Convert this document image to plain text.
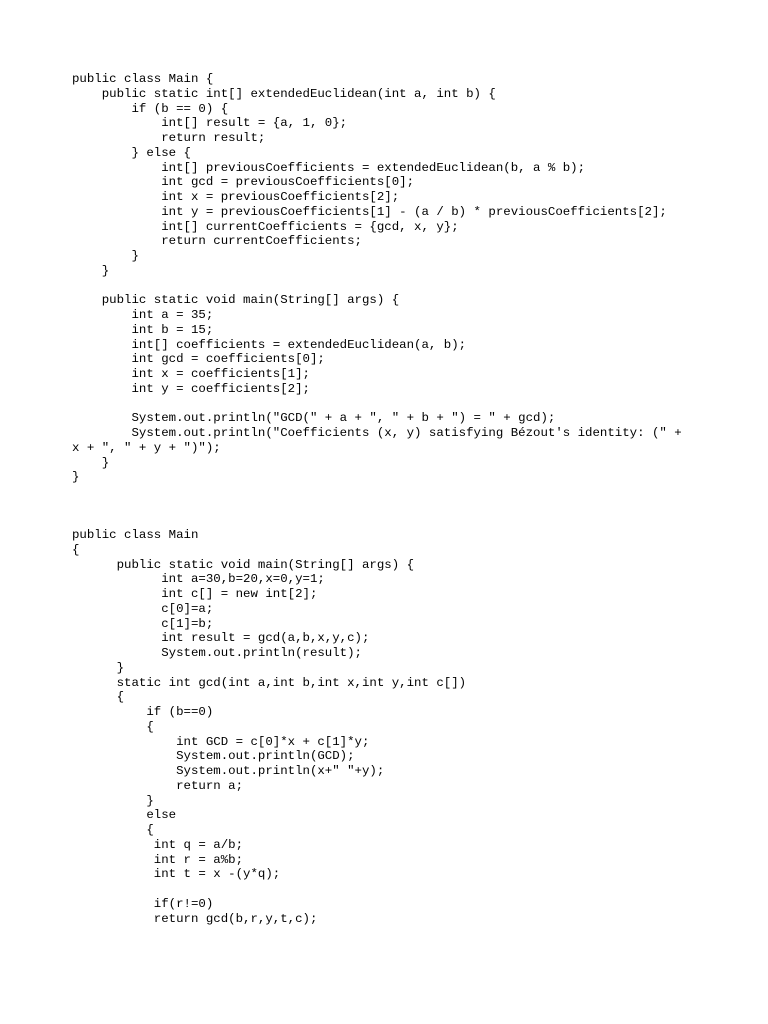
public class Main {
public static int[] extendedEuclidean(int a, int b) {
if (b == 0) {
int[] result = {a, 1, 0};
return result;
} else {
int[] previousCoefficients = extendedEuclidean(b, a % b);
int gcd = previousCoefficients[0];
int x = previousCoefficients[2];
int y = previousCoefficients[1] - (a / b) * previousCoefficients[2];
int[] currentCoefficients = {gcd, x, y};
return currentCoefficients;
}
}

public static void main(String[] args) {
int a = 35;
int b = 15;
int[] coefficients = extendedEuclidean(a, b);
int gcd = coefficients[0];
int x = coefficients[1];
int y = coefficients[2];

System.out.println("GCD(" + a + ", " + b + ") = " + gcd);
System.out.println("Coefficients (x, y) satisfying Bézout's identity: (" +
x + ", " + y + ")");
}
}
public class Main
{
public static void main(String[] args) {
int a=30,b=20,x=0,y=1;
int c[] = new int[2];
c[0]=a;
c[1]=b;
int result = gcd(a,b,x,y,c);
System.out.println(result);
}
static int gcd(int a,int b,int x,int y,int c[])
{
if (b==0)
{
int GCD = c[0]*x + c[1]*y;
System.out.println(GCD);
System.out.println(x+" "+y);
return a;
}
else
{
int q = a/b;
int r = a%b;
int t = x -(y*q);

if(r!=0)
return gcd(b,r,y,t,c);
